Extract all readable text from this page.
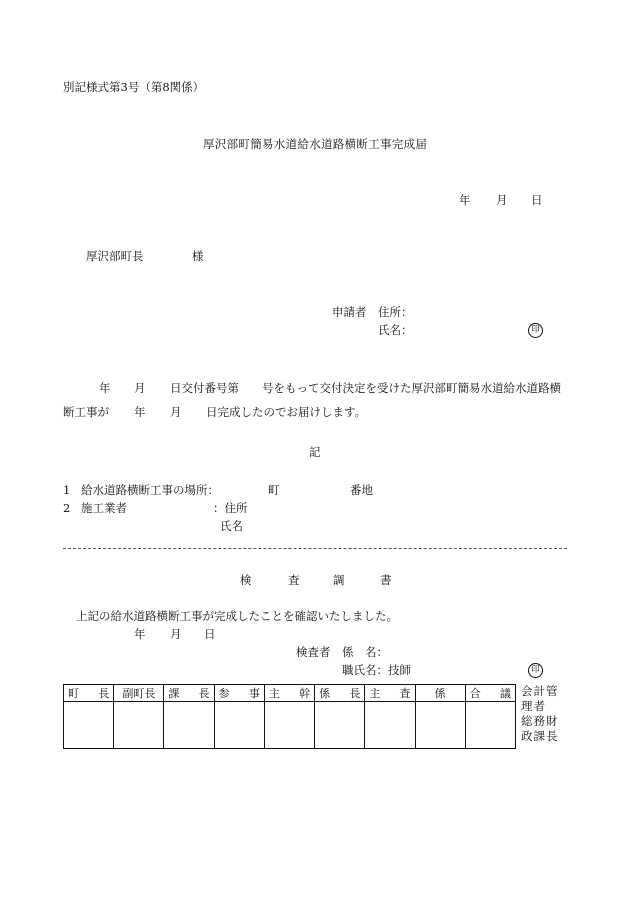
別記様式第3号（第8関係）
厚沢部町簡易水道給水道路横断工事完成届
年 月 日
厚沢部町長	様
申請者 住所：
氏名：	印
年 月 日交付番号第 号をもって交付決定を受けた厚沢部町簡易水道給水道路横
断工事が 年 月 日完成したのでお届けします。
記
1 給水道路横断工事の場所：	町	番地
2 施工業者	：住所
氏名
検	査	調	書
上記の給水道路横断工事が完成したことを確認いたしました。
年 月 日
検査者 係　名：
職氏名：技師	印
町 長	副町長	課 長	参 事	主 幹	係 長	主 査	係	合 議

								会計管
理者
総務財
政課長
